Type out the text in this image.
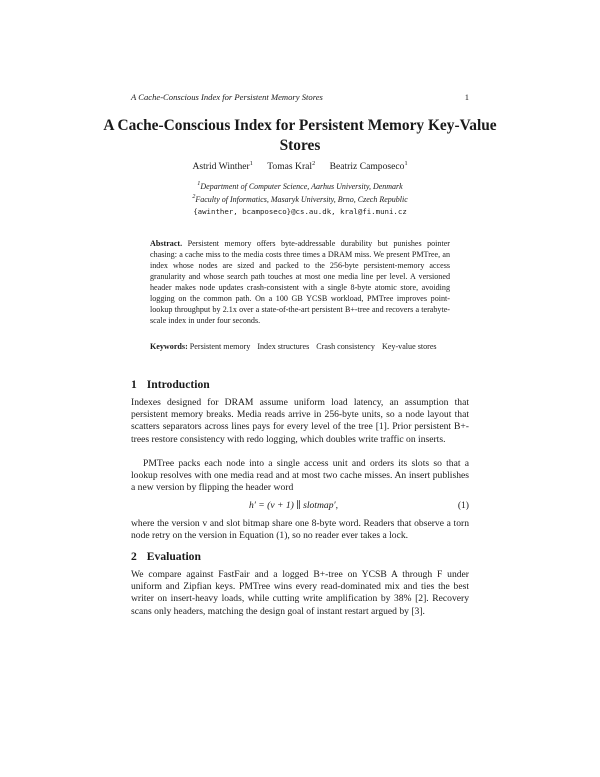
A Cache-Conscious Index for Persistent Memory Stores	1
A Cache-Conscious Index for Persistent Memory Key-Value Stores
Astrid Winther$^1$ Tomas Kral$^2$ Beatriz Camposeco$^1$
$^1$Department of Computer Science, Aarhus University, Denmark
$^2$Faculty of Informatics, Masaryk University, Brno, Czech Republic
{awinther, bcamposeco}@cs.au.dk, kral@fi.muni.cz
Abstract. Persistent memory offers byte-addressable durability but punishes pointer chasing: a cache miss to the media costs three times a DRAM miss. We present PMTree, an index whose nodes are sized and packed to the 256-byte persistent-memory access granularity and whose search path touches at most one media line per level. A versioned header makes node updates crash-consistent with a single 8-byte atomic store, avoiding logging on the common path. On a 100 GB YCSB workload, PMTree improves point-lookup throughput by 2.1x over a state-of-the-art persistent B+-tree and recovers a terabyte-scale index in under four seconds.
Keywords: Persistent memory Index structures Crash consistency Key-value stores
1 Introduction
Indexes designed for DRAM assume uniform load latency, an assumption that persistent memory breaks. Media reads arrive in 256-byte units, so a node layout that scatters separators across lines pays for every level of the tree [1]. Prior persistent B+-trees restore consistency with redo logging, which doubles write traffic on inserts.
PMTree packs each node into a single access unit and orders its slots so that a lookup resolves with one media read and at most two cache misses. An insert publishes a new version by flipping the header word
h′ = (v + 1) ∥ slotmap′,	(1)
where the version v and slot bitmap share one 8-byte word. Readers that observe a torn node retry on the version in Equation (1), so no reader ever takes a lock.
2 Evaluation
We compare against FastFair and a logged B+-tree on YCSB A through F under uniform and Zipfian keys. PMTree wins every read-dominated mix and ties the best writer on insert-heavy loads, while cutting write amplification by 38% [2]. Recovery scans only headers, matching the design goal of instant restart argued by [3].
